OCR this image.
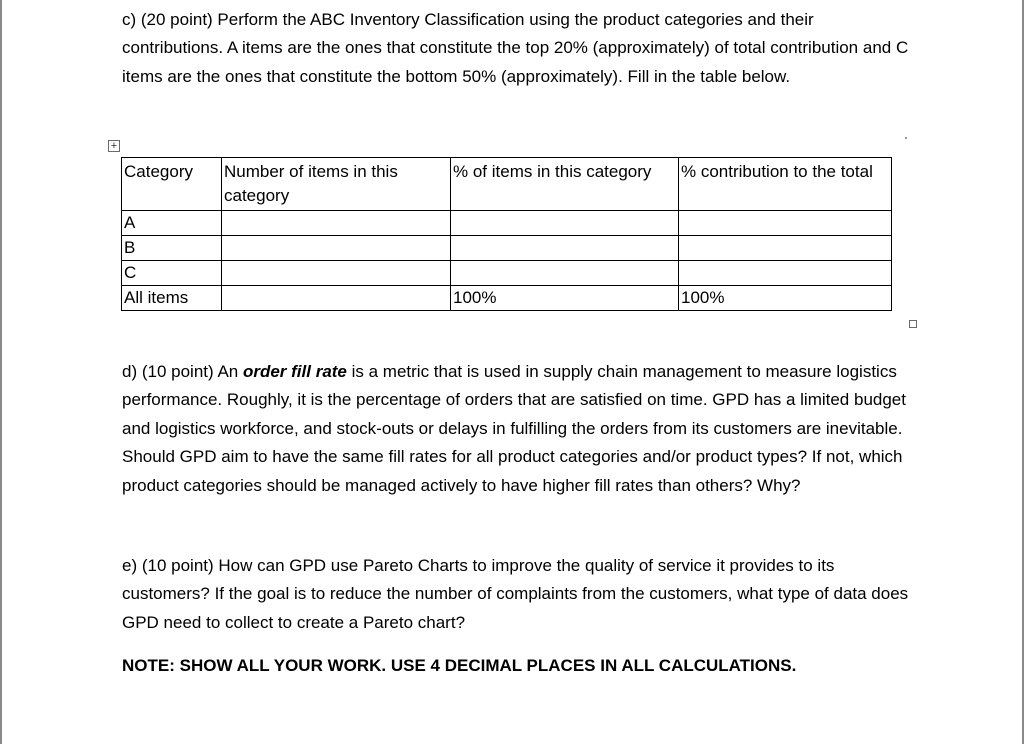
c) (20 point) Perform the ABC Inventory Classification using the product categories and their contributions. A items are the ones that constitute the top 20% (approximately) of total contribution and C items are the ones that constitute the bottom 50% (approximately). Fill in the table below.

+
Category	Number of items in this category	% of items in this category	% contribution to the total
A			
B			
C			
All items		100%	100%

d) (10 point) An order fill rate is a metric that is used in supply chain management to measure logistics performance. Roughly, it is the percentage of orders that are satisfied on time. GPD has a limited budget and logistics workforce, and stock-outs or delays in fulfilling the orders from its customers are inevitable. Should GPD aim to have the same fill rates for all product categories and/or product types? If not, which product categories should be managed actively to have higher fill rates than others? Why?

e) (10 point) How can GPD use Pareto Charts to improve the quality of service it provides to its customers? If the goal is to reduce the number of complaints from the customers, what type of data does GPD need to collect to create a Pareto chart?

NOTE: SHOW ALL YOUR WORK. USE 4 DECIMAL PLACES IN ALL CALCULATIONS.
